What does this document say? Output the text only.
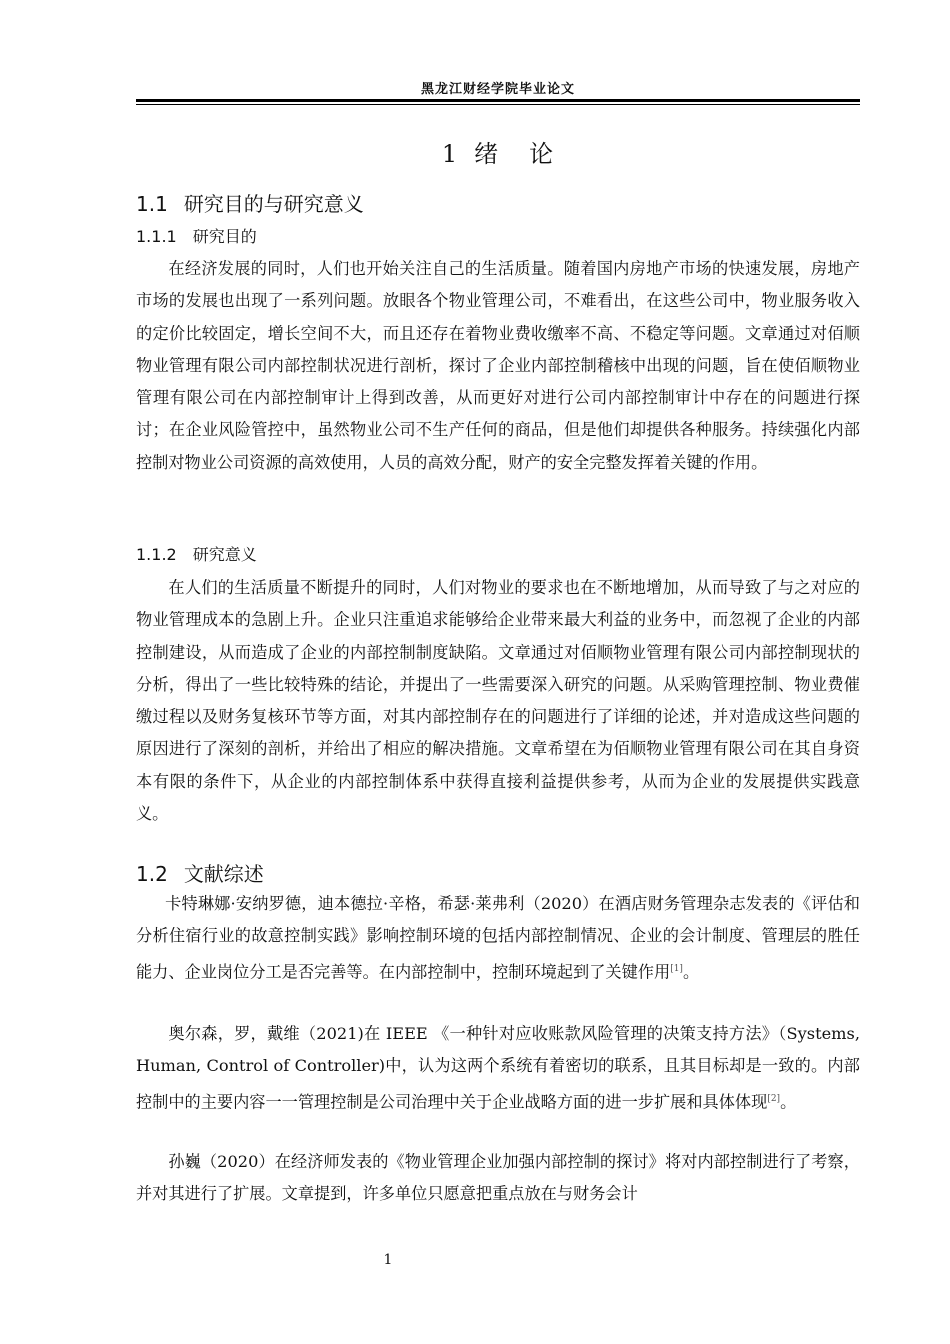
黑龙江财经学院毕业论文
1 绪 论
1.1 研究目的与研究意义
1.1.1 研究目的

在经济发展的同时，人们也开始关注自己的生活质量。随着国内房地产市场的快速发展，房地产市场的发展也出现了一系列问题。放眼各个物业管理公司，不难看出，在这些公司中，物业服务收入的定价比较固定，增长空间不大，而且还存在着物业费收缴率不高、不稳定等问题。文章通过对佰顺物业管理有限公司内部控制状况进行剖析，探讨了企业内部控制稽核中出现的问题，旨在使佰顺物业管理有限公司在内部控制审计上得到改善，从而更好对进行公司内部控制审计中存在的问题进行探讨；在企业风险管控中，虽然物业公司不生产任何的商品，但是他们却提供各种服务。持续强化内部控制对物业公司资源的高效使用，人员的高效分配，财产的安全完整发挥着关键的作用。

1.1.2 研究意义

在人们的生活质量不断提升的同时，人们对物业的要求也在不断地增加，从而导致了与之对应的物业管理成本的急剧上升。企业只注重追求能够给企业带来最大利益的业务中，而忽视了企业的内部控制建设，从而造成了企业的内部控制制度缺陷。文章通过对佰顺物业管理有限公司内部控制现状的分析，得出了一些比较特殊的结论，并提出了一些需要深入研究的问题。从采购管理控制、物业费催缴过程以及财务复核环节等方面，对其内部控制存在的问题进行了详细的论述，并对造成这些问题的原因进行了深刻的剖析，并给出了相应的解决措施。文章希望在为佰顺物业管理有限公司在其自身资本有限的条件下，从企业的内部控制体系中获得直接利益提供参考，从而为企业的发展提供实践意义。

1.2 文献综述

卡特琳娜·安纳罗德，迪本德拉·辛格，希瑟·莱弗利（2020）在酒店财务管理杂志发表的《评估和分析住宿行业的故意控制实践》影响控制环境的包括内部控制情况、企业的会计制度、管理层的胜任能力、企业岗位分工是否完善等。在内部控制中，控制环境起到了关键作用[1]。

奥尔森，罗，戴维（2021)在 IEEE 《一种针对应收账款风险管理的决策支持方法》（Systems, Human, Control of Controller)中，认为这两个系统有着密切的联系，且其目标却是一致的。内部控制中的主要内容一一管理控制是公司治理中关于企业战略方面的进一步扩展和具体体现[2]。

孙巍（2020）在经济师发表的《物业管理企业加强内部控制的探讨》将对内部控制进行了考察，并对其进行了扩展。文章提到，许多单位只愿意把重点放在与财务会计

1
